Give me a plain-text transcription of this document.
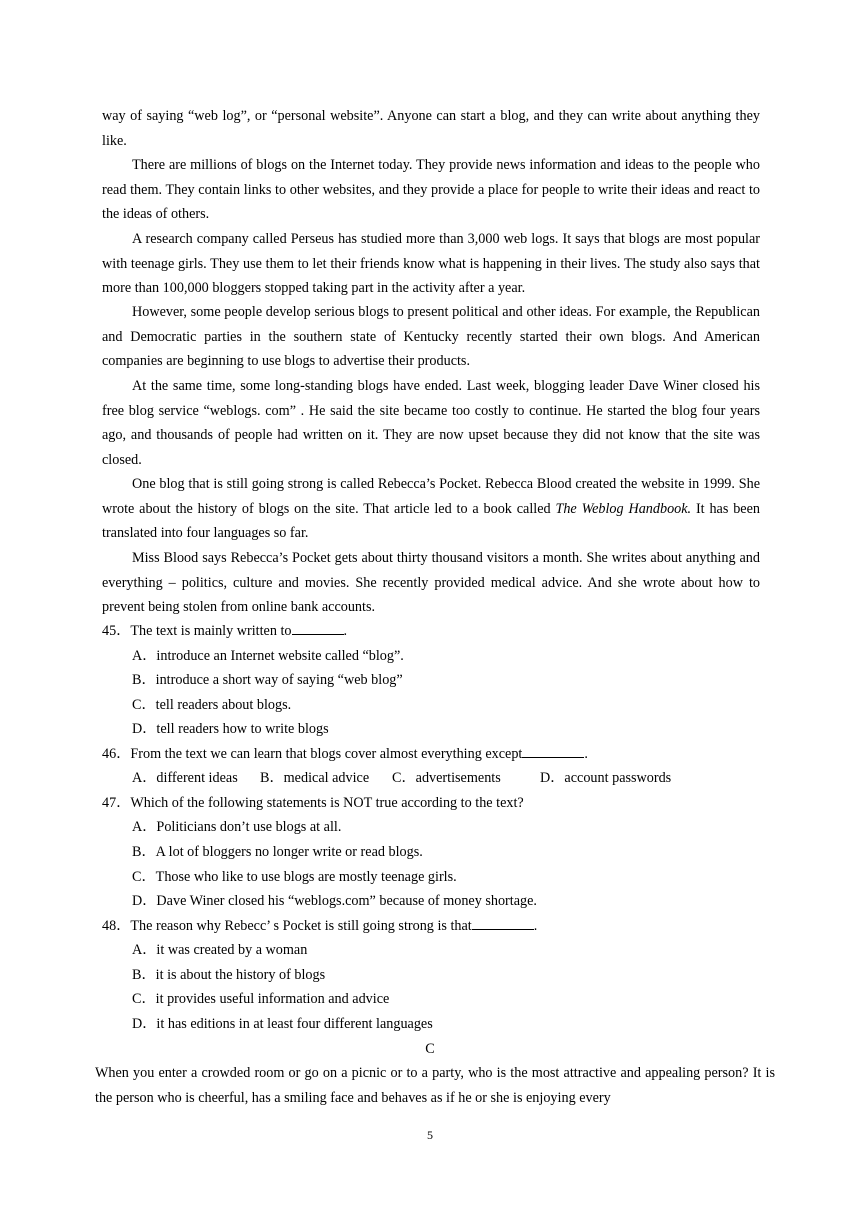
way of saying “web log”, or “personal website”. Anyone can start a blog, and they can write about anything they like.

There are millions of blogs on the Internet today. They provide news information and ideas to the people who read them. They contain links to other websites, and they provide a place for people to write their ideas and react to the ideas of others.

A research company called Perseus has studied more than 3,000 web logs. It says that blogs are most popular with teenage girls. They use them to let their friends know what is happening in their lives. The study also says that more than 100,000 bloggers stopped taking part in the activity after a year.

However, some people develop serious blogs to present political and other ideas. For example, the Republican and Democratic parties in the southern state of Kentucky recently started their own blogs. And American companies are beginning to use blogs to advertise their products.

At the same time, some long-standing blogs have ended. Last week, blogging leader Dave Winer closed his free blog service “weblogs. com” . He said the site became too costly to continue. He started the blog four years ago, and thousands of people had written on it. They are now upset because they did not know that the site was closed.

One blog that is still going strong is called Rebecca’s Pocket. Rebecca Blood created the website in 1999. She wrote about the history of blogs on the site. That article led to a book called The Weblog Handbook. It has been translated into four languages so far.

Miss Blood says Rebecca’s Pocket gets about thirty thousand visitors a month. She writes about anything and everything – politics, culture and movies. She recently provided medical advice. And she wrote about how to prevent being stolen from online bank accounts.

45．The text is mainly written to	.
A．introduce an Internet website called “blog”.
B．introduce a short way of saying “web blog”
C．tell readers about blogs.
D．tell readers how to write blogs
46．From the text we can learn that blogs cover almost everything except	.
A．different ideas B．medical advice C．advertisements	D．account passwords
47．Which of the following statements is NOT true according to the text?
A．Politicians don’t use blogs at all.
B．A lot of bloggers no longer write or read blogs.
C．Those who like to use blogs are mostly teenage girls.
D．Dave Winer closed his “weblogs.com” because of money shortage.
48．The reason why Rebecc’ s Pocket is still going strong is that	.
A．it was created by a woman
B．it is about the history of blogs
C．it provides useful information and advice
D．it has editions in at least four different languages
C

When you enter a crowded room or go on a picnic or to a party, who is the most attractive and appealing person? It is the person who is cheerful, has a smiling face and behaves as if he or she is enjoying every

5
